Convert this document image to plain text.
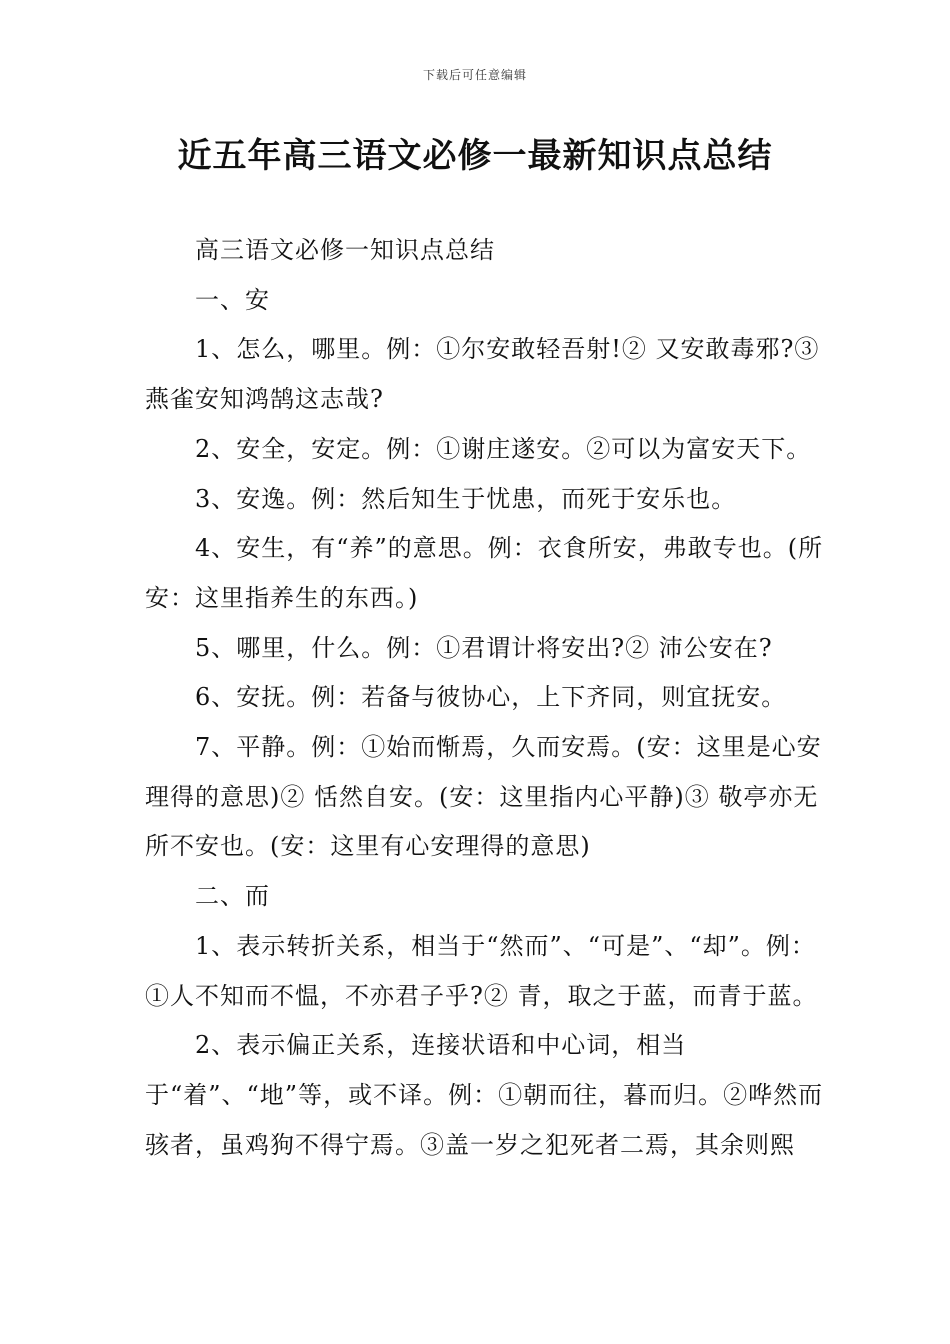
下载后可任意编辑
近五年高三语文必修一最新知识点总结

高三语文必修一知识点总结

一、安

1、怎么，哪里。例：①尔安敢轻吾射!② 又安敢毒邪?③燕雀安知鸿鹄这志哉?

2、安全，安定。例：①谢庄遂安。②可以为富安天下。

3、安逸。例：然后知生于忧患，而死于安乐也。

4、安生，有“养”的意思。例：衣食所安，弗敢专也。(所安：这里指养生的东西。)

5、哪里，什么。例：①君谓计将安出?② 沛公安在?

6、安抚。例：若备与彼协心，上下齐同，则宜抚安。

7、平静。例：①始而惭焉，久而安焉。(安：这里是心安理得的意思)② 恬然自安。(安：这里指内心平静)③ 敬亭亦无所不安也。(安：这里有心安理得的意思)

二、而

1、表示转折关系，相当于“然而”、“可是”、“却”。例：①人不知而不愠，不亦君子乎?② 青，取之于蓝，而青于蓝。

2、表示偏正关系，连接状语和中心词，相当于“着”、“地”等，或不译。例：①朝而往，暮而归。②哗然而骇者，虽鸡狗不得宁焉。③盖一岁之犯死者二焉，其余则熙
